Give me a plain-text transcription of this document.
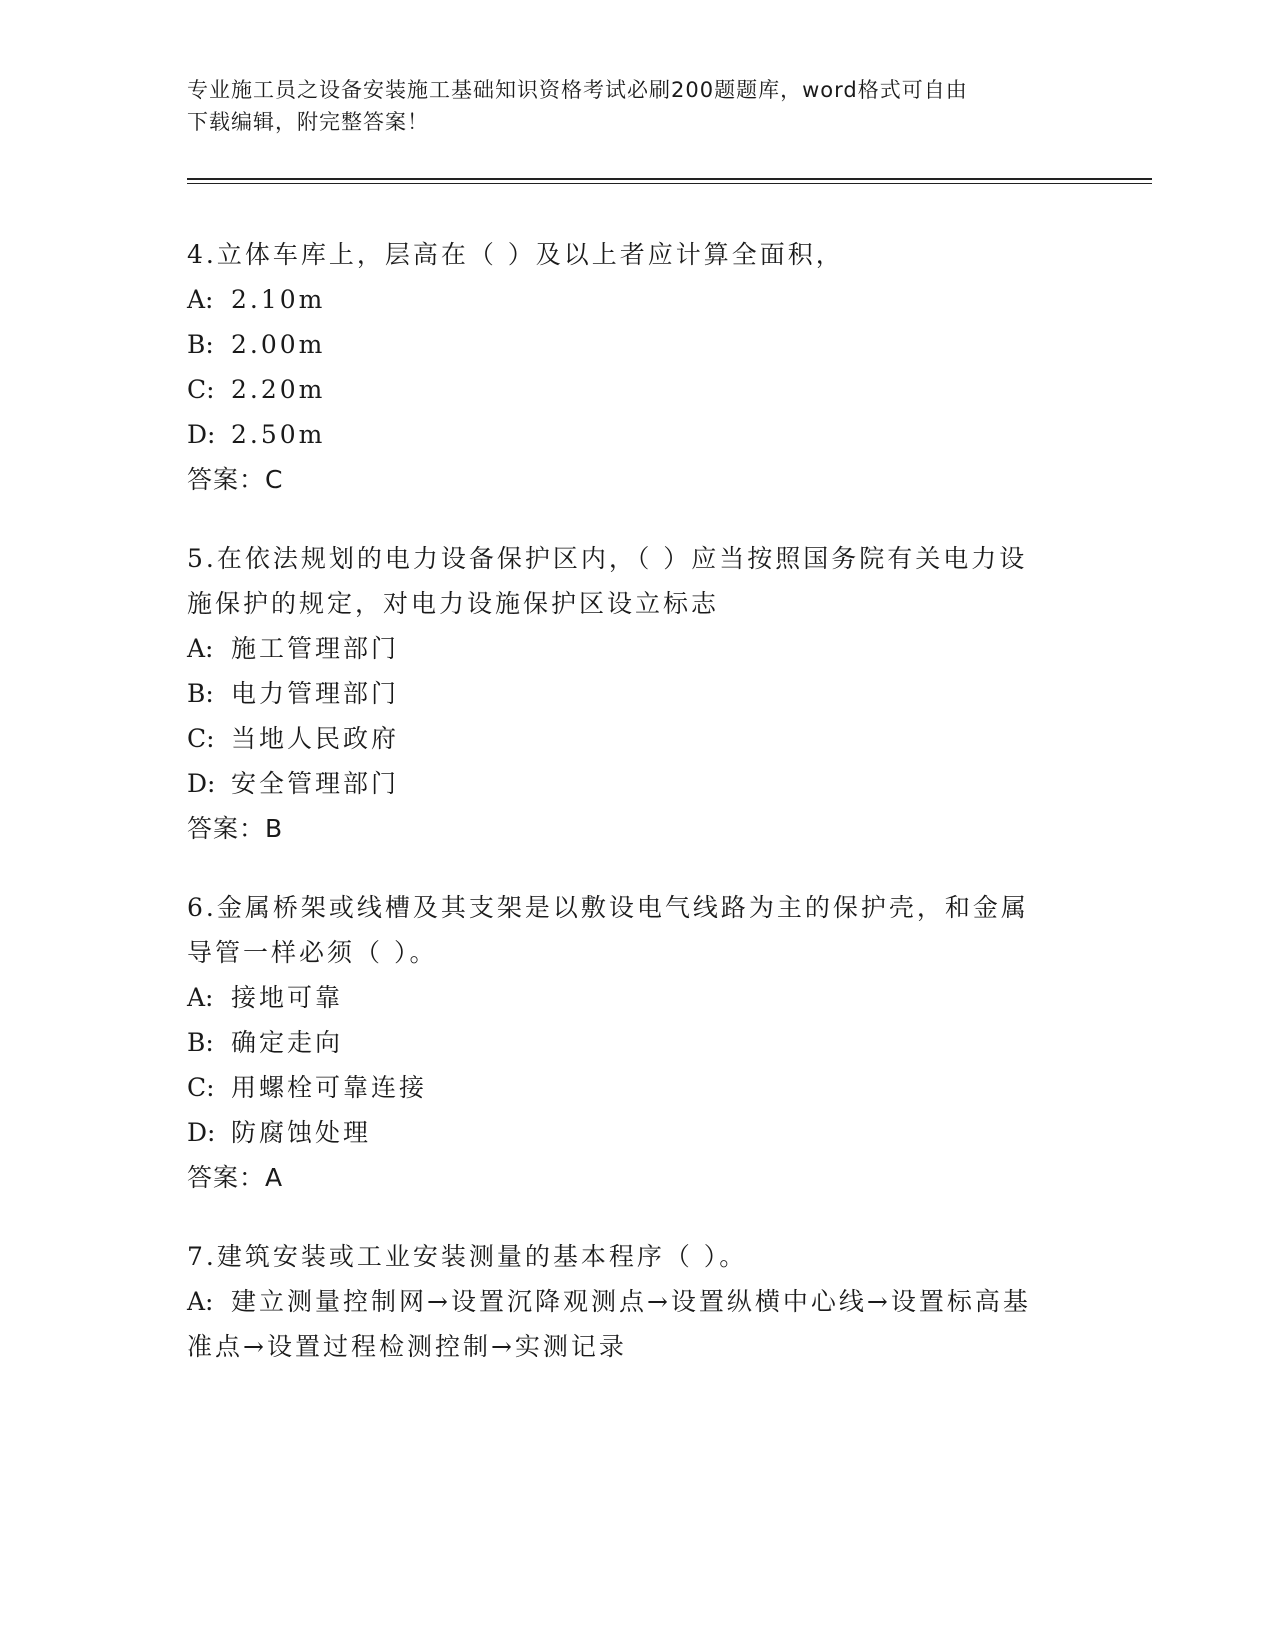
专业施工员之设备安装施工基础知识资格考试必刷200题题库，word格式可自由
下载编辑，附完整答案！
4.立体车库上，层高在（ ）及以上者应计算全面积，
A: 2.10m
B: 2.00m
C: 2.20m
D: 2.50m
答案：C
5.在依法规划的电力设备保护区内，（ ）应当按照国务院有关电力设
施保护的规定，对电力设施保护区设立标志
A: 施工管理部门
B: 电力管理部门
C: 当地人民政府
D: 安全管理部门
答案：B
6.金属桥架或线槽及其支架是以敷设电气线路为主的保护壳，和金属
导管一样必须（ ）。
A: 接地可靠
B: 确定走向
C: 用螺栓可靠连接
D: 防腐蚀处理
答案：A
7.建筑安装或工业安装测量的基本程序（ ）。
A: 建立测量控制网→设置沉降观测点→设置纵横中心线→设置标高基
准点→设置过程检测控制→实测记录
